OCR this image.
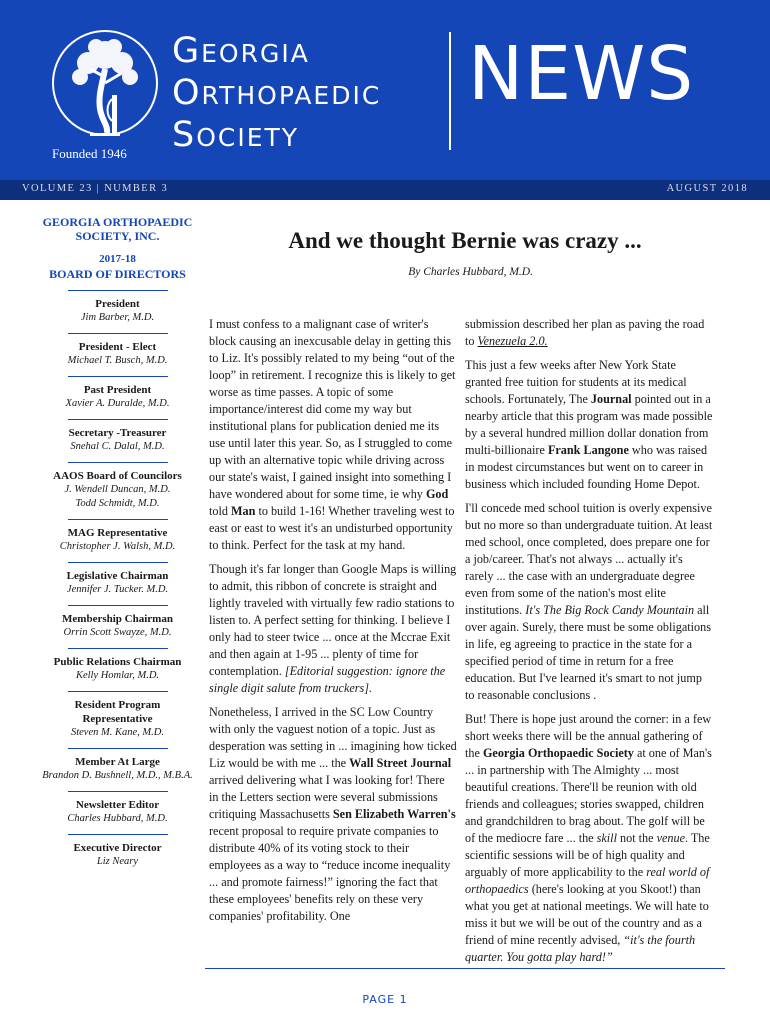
Founded 1946
Georgia
Orthopaedic
Society
NEWS
VOLUME 23 | NUMBER 3	AUGUST 2018
GEORGIA ORTHOPAEDIC SOCIETY, INC.
2017-18
BOARD OF DIRECTORS
President
Jim Barber, M.D.
President - Elect
Michael T. Busch, M.D.
Past President
Xavier A. Duralde, M.D.
Secretary -Treasurer
Snehal C. Dalal, M.D.
AAOS Board of Councilors
J. Wendell Duncan, M.D.
Todd Schmidt, M.D.
MAG Representative
Christopher J. Walsh, M.D.
Legislative Chairman
Jennifer J. Tucker. M.D.
Membership Chairman
Orrin Scott Swayze, M.D.
Public Relations Chairman
Kelly Homlar, M.D.
Resident Program Representative
Steven M. Kane, M.D.
Member At Large
Brandon D. Bushnell, M.D., M.B.A.
Newsletter Editor
Charles Hubbard, M.D.
Executive Director
Liz Neary
And we thought Bernie was crazy ...
By Charles Hubbard, M.D.

I must confess to a malignant case of writer's block causing an inexcusable delay in getting this to Liz. It's possibly related to my being “out of the loop” in retirement. I recognize this is likely to get worse as time passes. A topic of some importance/interest did come my way but institutional plans for publication denied me its use until later this year. So, as I struggled to come up with an alternative topic while driving across our state's waist, I gained insight into something I have wondered about for some time, ie why God told Man to build 1-16! Whether traveling west to east or east to west it's an undisturbed opportunity to think. Perfect for the task at my hand.

Though it's far longer than Google Maps is willing to admit, this ribbon of concrete is straight and lightly traveled with virtually few radio stations to listen to. A perfect setting for thinking. I believe I only had to steer twice ... once at the Mccrae Exit and then again at 1-95 ... plenty of time for contemplation. [Editorial suggestion: ignore the single digit salute from truckers].

Nonetheless, I arrived in the SC Low Country with only the vaguest notion of a topic. Just as desperation was setting in ... imagining how ticked Liz would be with me ... the Wall Street Journal arrived delivering what I was looking for! There in the Letters section were several submissions critiquing Massachusetts Sen Elizabeth Warren's recent proposal to require private companies to distribute 40% of its voting stock to their employees as a way to “reduce income inequality ... and promote fairness!” ignoring the fact that these employees' benefits rely on these very companies' profitability. One

submission described her plan as paving the road to Venezuela 2.0.

This just a few weeks after New York State granted free tuition for students at its medical schools. Fortunately, The Journal pointed out in a nearby article that this program was made possible by a several hundred million dollar donation from multi-billionaire Frank Langone who was raised in modest circumstances but went on to career in business which included founding Home Depot.

I'll concede med school tuition is overly expensive but no more so than undergraduate tuition. At least med school, once completed, does prepare one for a job/career. That's not always ... actually it's rarely ... the case with an undergraduate degree even from some of the nation's most elite institutions. It's The Big Rock Candy Mountain all over again. Surely, there must be some obligations in life, eg agreeing to practice in the state for a specified period of time in return for a free education. But I've learned it's smart to not jump to reasonable conclusions .

But! There is hope just around the corner: in a few short weeks there will be the annual gathering of the Georgia Orthopaedic Society at one of Man's ... in partnership with The Almighty ... most beautiful creations. There'll be reunion with old friends and colleagues; stories swapped, children and grandchildren to brag about. The golf will be of the mediocre fare ... the skill not the venue. The scientific sessions will be of high quality and arguably of more applicability to the real world of orthopaedics (here's looking at you Skoot!) than what you get at national meetings. We will hate to miss it but we will be out of the country and as a friend of mine recently advised, “it's the fourth quarter. You gotta play hard!”

PAGE 1
